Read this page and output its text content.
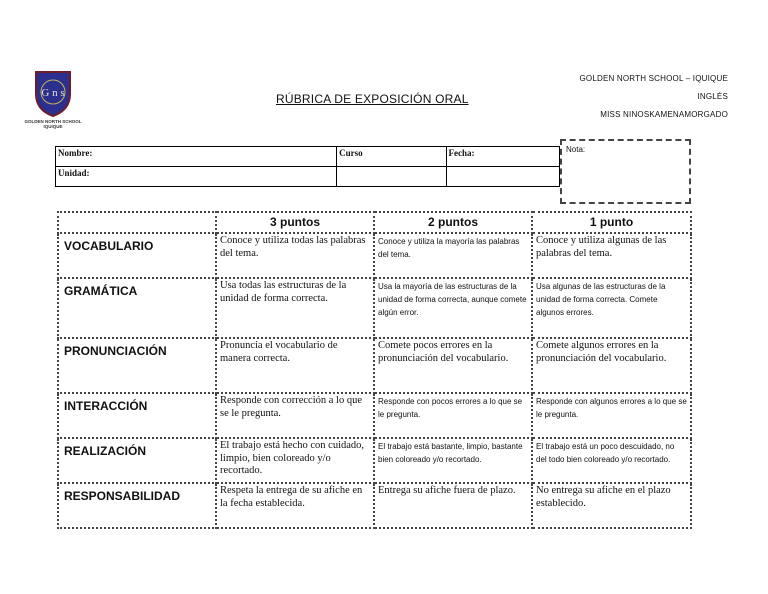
G n s
GOLDEN NORTH SCHOOL
IQUIQUE
RÚBRICA DE EXPOSICIÓN ORAL
GOLDEN NORTH SCHOOL – IQUIQUE
INGLÉS
MISS NINOSKAMENAMORGADO
Nombre:	Curso	Fecha:
Unidad:		
Nota:
	3 puntos	2 puntos	1 punto
VOCABULARIO	Conoce y utiliza todas las palabras del tema.	Conoce y utiliza la mayoría las palabras del tema.	Conoce y utiliza algunas de las palabras del tema.
GRAMÁTICA	Usa todas las estructuras de la unidad de forma correcta.	Usa la mayoría de las estructuras de la unidad de forma correcta, aunque comete algún error.	Usa algunas de las estructuras de la unidad de forma correcta. Comete algunos errores.
PRONUNCIACIÓN	Pronuncia el vocabulario de manera correcta.	Comete pocos errores en la pronunciación del vocabulario.	Comete algunos errores en la pronunciación del vocabulario.
INTERACCIÓN	Responde con corrección a lo que se le pregunta.	Responde con pocos errores a lo que se le pregunta.	Responde con algunos errores a lo que se le pregunta.
REALIZACIÓN	El trabajo está hecho con cuidado, limpio, bien coloreado y/o recortado.	El trabajo está bastante, limpio, bastante bien coloreado y/o recortado.	El trabajo está un poco descuidado, no del todo bien coloreado y/o recortado.
RESPONSABILIDAD	Respeta la entrega de su afiche en la fecha establecida.	Entrega su afiche fuera de plazo.	No entrega su afiche en el plazo establecido.
